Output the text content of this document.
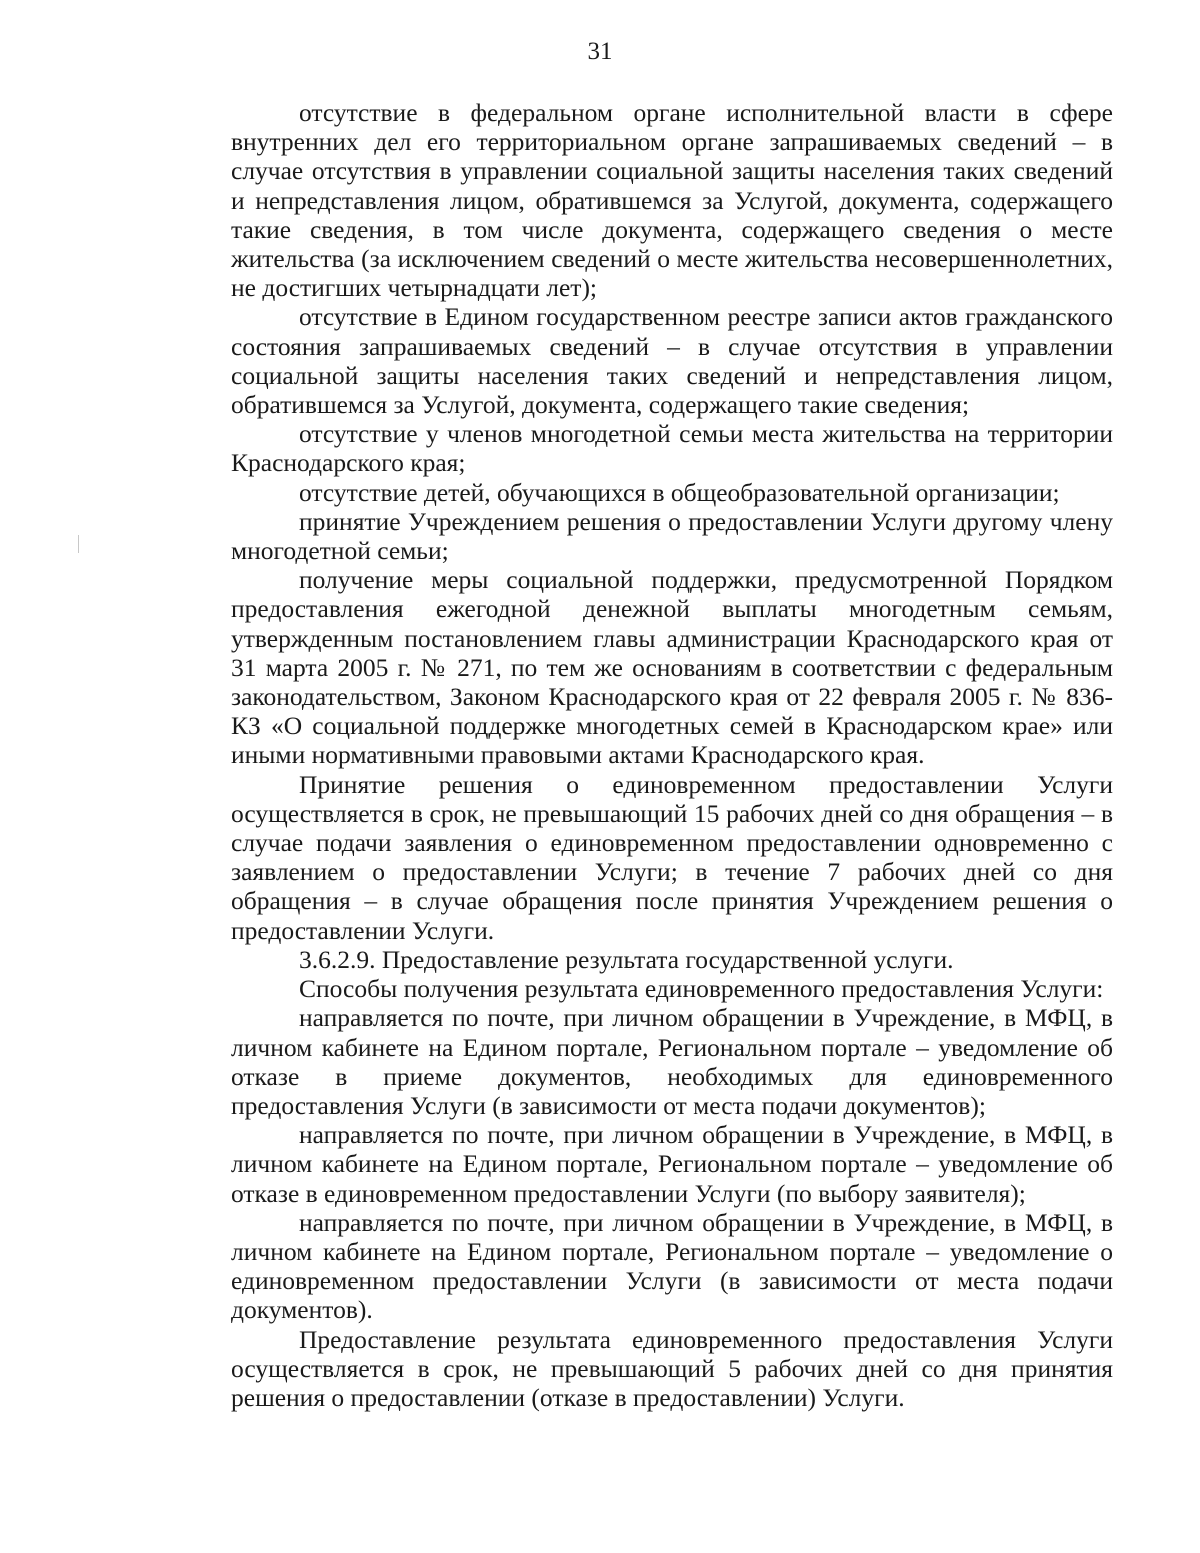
31

отсутствие в федеральном органе исполнительной власти в сфере внутренних дел его территориальном органе запрашиваемых сведений – в случае отсутствия в управлении социальной защиты населения таких сведений и непредставления лицом, обратившемся за Услугой, документа, содержащего такие сведения, в том числе документа, содержащего сведения о месте жительства (за исключением сведений о месте жительства несовершеннолетних, не достигших четырнадцати лет);

отсутствие в Едином государственном реестре записи актов гражданского состояния запрашиваемых сведений – в случае отсутствия в управлении социальной защиты населения таких сведений и непредставления лицом, обратившемся за Услугой, документа, содержащего такие сведения;

отсутствие у членов многодетной семьи места жительства на территории Краснодарского края;

отсутствие детей, обучающихся в общеобразовательной организации;

принятие Учреждением решения о предоставлении Услуги другому члену многодетной семьи;

получение меры социальной поддержки, предусмотренной Порядком предоставления ежегодной денежной выплаты многодетным семьям, утвержденным постановлением главы администрации Краснодарского края от 31 марта 2005 г. № 271, по тем же основаниям в соответствии с федеральным законодательством, Законом Краснодарского края от 22 февраля 2005 г. № 836-КЗ «О социальной поддержке многодетных семей в Краснодарском крае» или иными нормативными правовыми актами Краснодарского края.

Принятие решения о единовременном предоставлении Услуги осуществляется в срок, не превышающий 15 рабочих дней со дня обращения – в случае подачи заявления о единовременном предоставлении одновременно с заявлением о предоставлении Услуги; в течение 7 рабочих дней со дня обращения – в случае обращения после принятия Учреждением решения о предоставлении Услуги.

3.6.2.9. Предоставление результата государственной услуги.

Способы получения результата единовременного предоставления Услуги:

направляется по почте, при личном обращении в Учреждение, в МФЦ, в личном кабинете на Едином портале, Региональном портале – уведомление об отказе в приеме документов, необходимых для единовременного предоставления Услуги (в зависимости от места подачи документов);

направляется по почте, при личном обращении в Учреждение, в МФЦ, в личном кабинете на Едином портале, Региональном портале – уведомление об отказе в единовременном предоставлении Услуги (по выбору заявителя);

направляется по почте, при личном обращении в Учреждение, в МФЦ, в личном кабинете на Едином портале, Региональном портале – уведомление о единовременном предоставлении Услуги (в зависимости от места подачи документов).

Предоставление результата единовременного предоставления Услуги осуществляется в срок, не превышающий 5 рабочих дней со дня принятия решения о предоставлении (отказе в предоставлении) Услуги.
